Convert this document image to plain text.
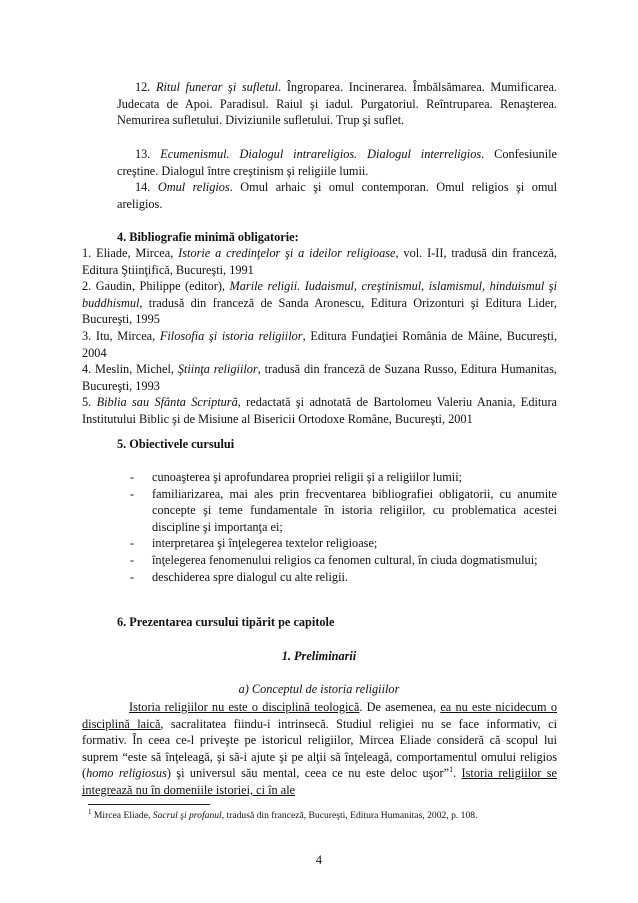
12. Ritul funerar şi sufletul. Îngroparea. Incinerarea. Îmbălsămarea. Mumificarea. Judecata de Apoi. Paradisul. Raiul şi iadul. Purgatoriul. Reîntruparea. Renaşterea. Nemurirea sufletului. Diviziunile sufletului. Trup şi suflet.
13. Ecumenismul. Dialogul intrareligios. Dialogul interreligios. Confesiunile creştine. Dialogul între creştinism şi religiile lumii.
14. Omul religios. Omul arhaic şi omul contemporan. Omul religios şi omul areligios.
4. Bibliografie minimă obligatorie:
1. Eliade, Mircea, Istorie a credinţelor şi a ideilor religioase, vol. I-II, tradusă din franceză, Editura Ştiinţifică, Bucureşti, 1991
2. Gaudin, Philippe (editor), Marile religii. Iudaismul, creştinismul, islamismul, hinduismul şi buddhismul, tradusă din franceză de Sanda Aronescu, Editura Orizonturi şi Editura Lider, Bucureşti, 1995
3. Itu, Mircea, Filosofia şi istoria religiilor, Editura Fundaţiei România de Mâine, Bucureşti, 2004
4. Meslin, Michel, Ştiinţa religiilor, tradusă din franceză de Suzana Russo, Editura Humanitas, Bucureşti, 1993
5. Biblia sau Sfânta Scriptură, redactată şi adnotată de Bartolomeu Valeriu Anania, Editura Institutului Biblic şi de Misiune al Bisericii Ortodoxe Române, Bucureşti, 2001
5. Obiectivele cursului
- cunoaşterea şi aprofundarea propriei religii şi a religiilor lumii;
- familiarizarea, mai ales prin frecventarea bibliografiei obligatorii, cu anumite concepte şi teme fundamentale în istoria religiilor, cu problematica acestei discipline şi importanţa ei;
- interpretarea şi înţelegerea textelor religioase;
- înţelegerea fenomenului religios ca fenomen cultural, în ciuda dogmatismului;
- deschiderea spre dialogul cu alte religii.
6. Prezentarea cursului tipărit pe capitole
1. Preliminarii
a) Conceptul de istoria religiilor
Istoria religiilor nu este o disciplină teologică. De asemenea, ea nu este nicidecum o disciplină laică, sacralitatea fiindu-i intrinsecă. Studiul religiei nu se face informativ, ci formativ. În ceea ce-l priveşte pe istoricul religiilor, Mircea Eliade consideră că scopul lui suprem “este să înţeleagă, şi să-i ajute şi pe alţii să înţeleagă, comportamentul omului religios (homo religiosus) şi universul său mental, ceea ce nu este deloc uşor”$^1$. Istoria religiilor se integrează nu în domeniile istoriei, ci în ale
$^1$ Mircea Eliade, Sacrul şi profanul, tradusă din franceză, Bucureşti, Editura Humanitas, 2002, p. 108.
4
